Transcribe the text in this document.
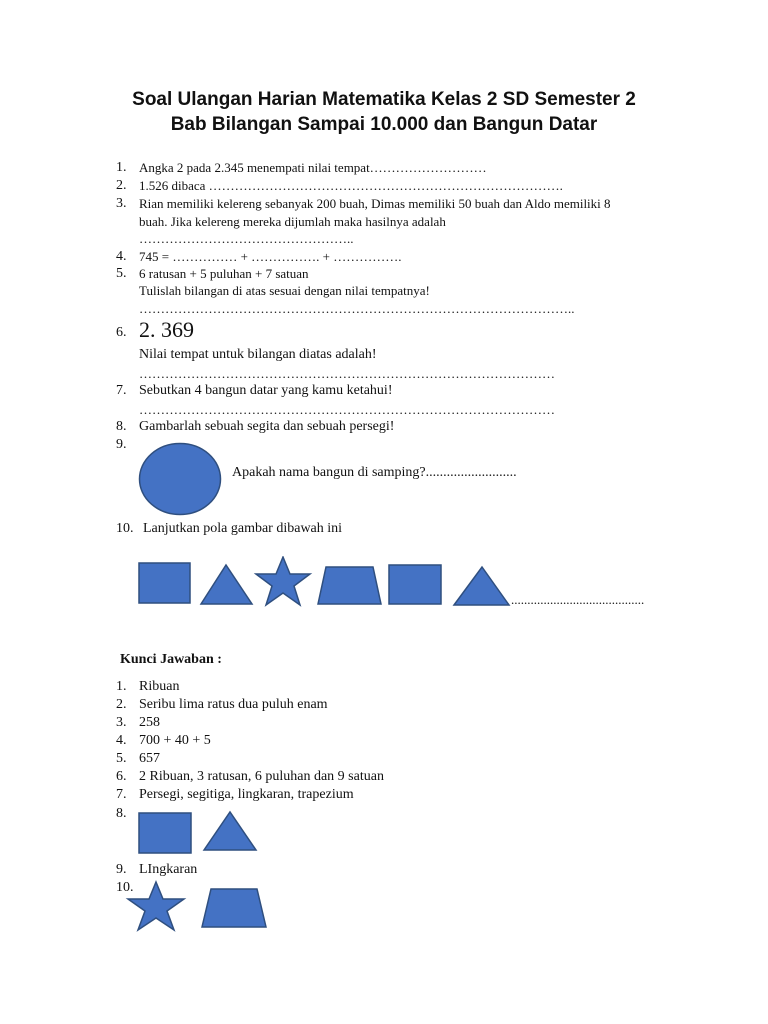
Soal Ulangan Harian Matematika Kelas 2 SD Semester 2
Bab Bilangan Sampai 10.000 dan Bangun Datar
1. Angka 2 pada 2.345 menempati nilai tempat………………………
2. 1.526 dibaca ……………………………………………………………………….
3. Rian memiliki kelereng sebanyak 200 buah, Dimas memiliki 50 buah dan Aldo memiliki 8
buah. Jika kelereng mereka dijumlah maka hasilnya adalah
…………………………………………..
4. 745 = …………… + ……………. + …………….
5. 6 ratusan + 5 puluhan + 7 satuan
Tulislah bilangan di atas sesuai dengan nilai tempatnya!
………………………………………………………………………………………..
6. 2. 369
Nilai tempat untuk bilangan diatas adalah!
……………………………………………………………………………………
7. Sebutkan 4 bangun datar yang kamu ketahui!
……………………………………………………………………………………
8. Gambarlah sebuah segita dan sebuah persegi!
9.
Apakah nama bangun di samping?..........................
10. Lanjutkan pola gambar dibawah ini
.........................................
Kunci Jawaban :
1. Ribuan
2. Seribu lima ratus dua puluh enam
3. 258
4. 700 + 40 + 5
5. 657
6. 2 Ribuan, 3 ratusan, 6 puluhan dan 9 satuan
7. Persegi, segitiga, lingkaran, trapezium
8.
9. LIngkaran
10.
